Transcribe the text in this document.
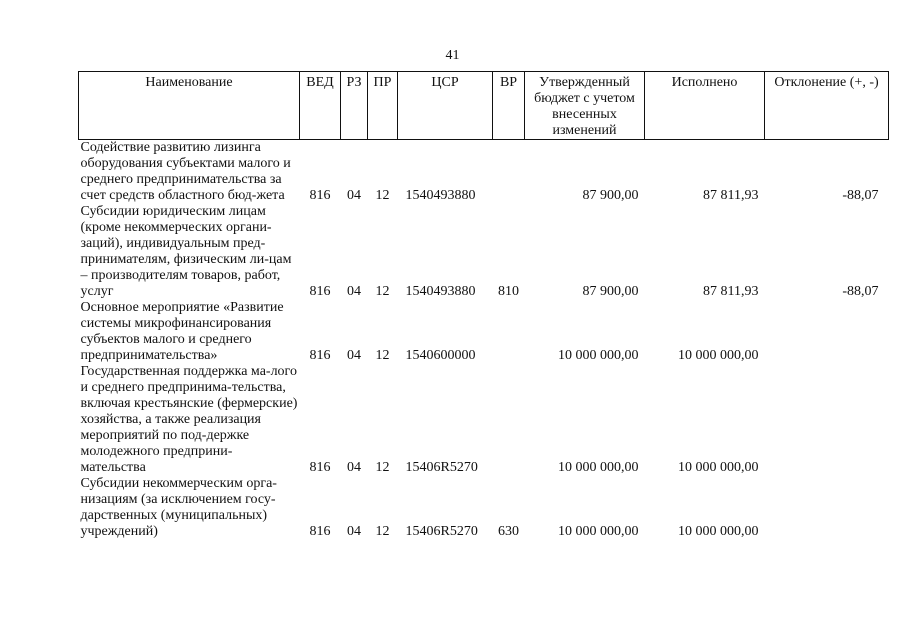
41
Наименование	ВЕД	РЗ	ПР	ЦСР	ВР	Утвержденный бюджет с учетом внесенных изменений	Исполнено	Отклонение (+, -)
Содействие развитию лизинга оборудования субъектами малого и среднего предпринимательства за счет средств областного бюд-жета	816	04	12	1540493880		87 900,00	87 811,93	-88,07
Субсидии юридическим лицам (кроме некоммерческих органи-заций), индивидуальным пред-принимателям, физическим ли-цам – производителям товаров, работ, услуг	816	04	12	1540493880	810	87 900,00	87 811,93	-88,07
Основное мероприятие «Развитие системы микрофинансирования субъектов малого и среднего предпринимательства»	816	04	12	1540600000		10 000 000,00	10 000 000,00	
Государственная поддержка ма-лого и среднего предпринима-тельства, включая крестьянские (фермерские) хозяйства, а также реализация мероприятий по под-держке молодежного предприни-мательства	816	04	12	15406R5270		10 000 000,00	10 000 000,00	
Субсидии некоммерческим орга-низациям (за исключением госу-дарственных (муниципальных) учреждений)	816	04	12	15406R5270	630	10 000 000,00	10 000 000,00	
